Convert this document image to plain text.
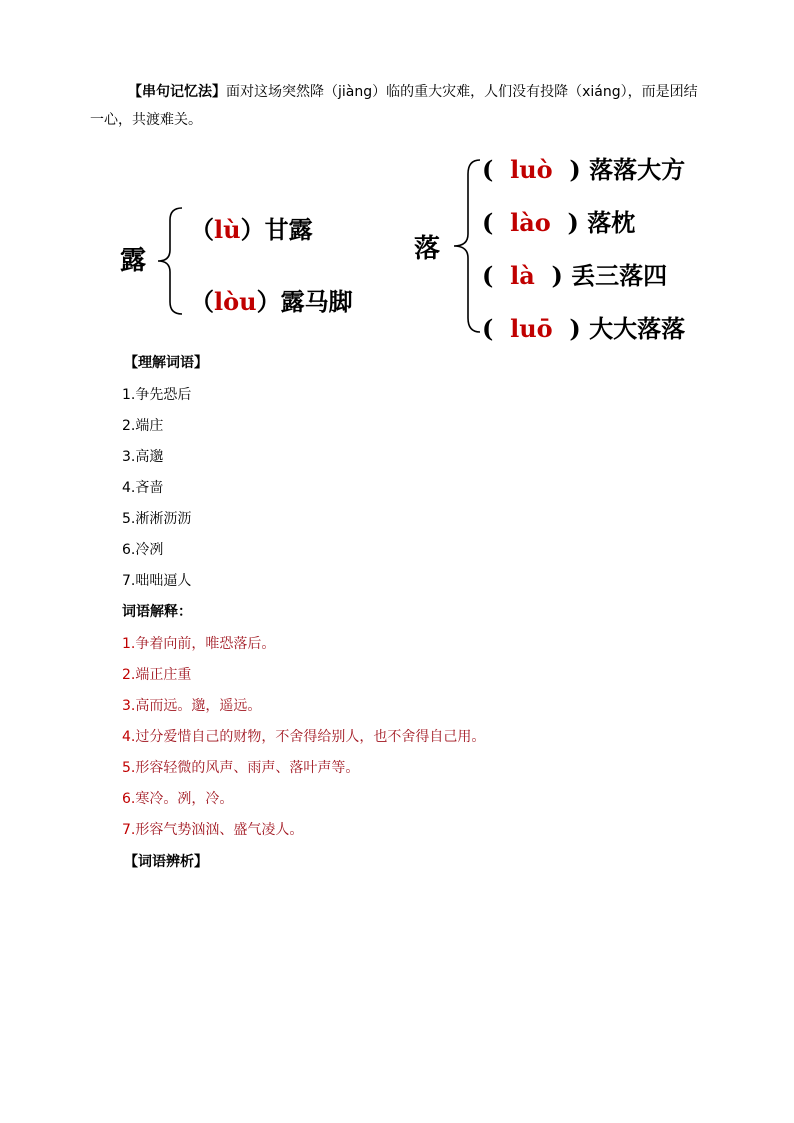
【串句记忆法】面对这场突然降（jiàng）临的重大灾难，人们没有投降（xiáng），而是团结一心，共渡难关。
露
（lù）甘露
（lòu）露马脚
落
(  luò  ) 落落大方
(  lào  ) 落枕
(  là  ) 丢三落四
(  luō  ) 大大落落
【理解词语】
1.争先恐后
2.端庄
3.高邈
4.吝啬
5.淅淅沥沥
6.冷冽
7.咄咄逼人
词语解释：
1.争着向前，唯恐落后。
2.端正庄重
3.高而远。邈，遥远。
4.过分爱惜自己的财物，不舍得给别人，也不舍得自己用。
5.形容轻微的风声、雨声、落叶声等。
6.寒冷。冽，冷。
7.形容气势汹汹、盛气凌人。
【词语辨析】
